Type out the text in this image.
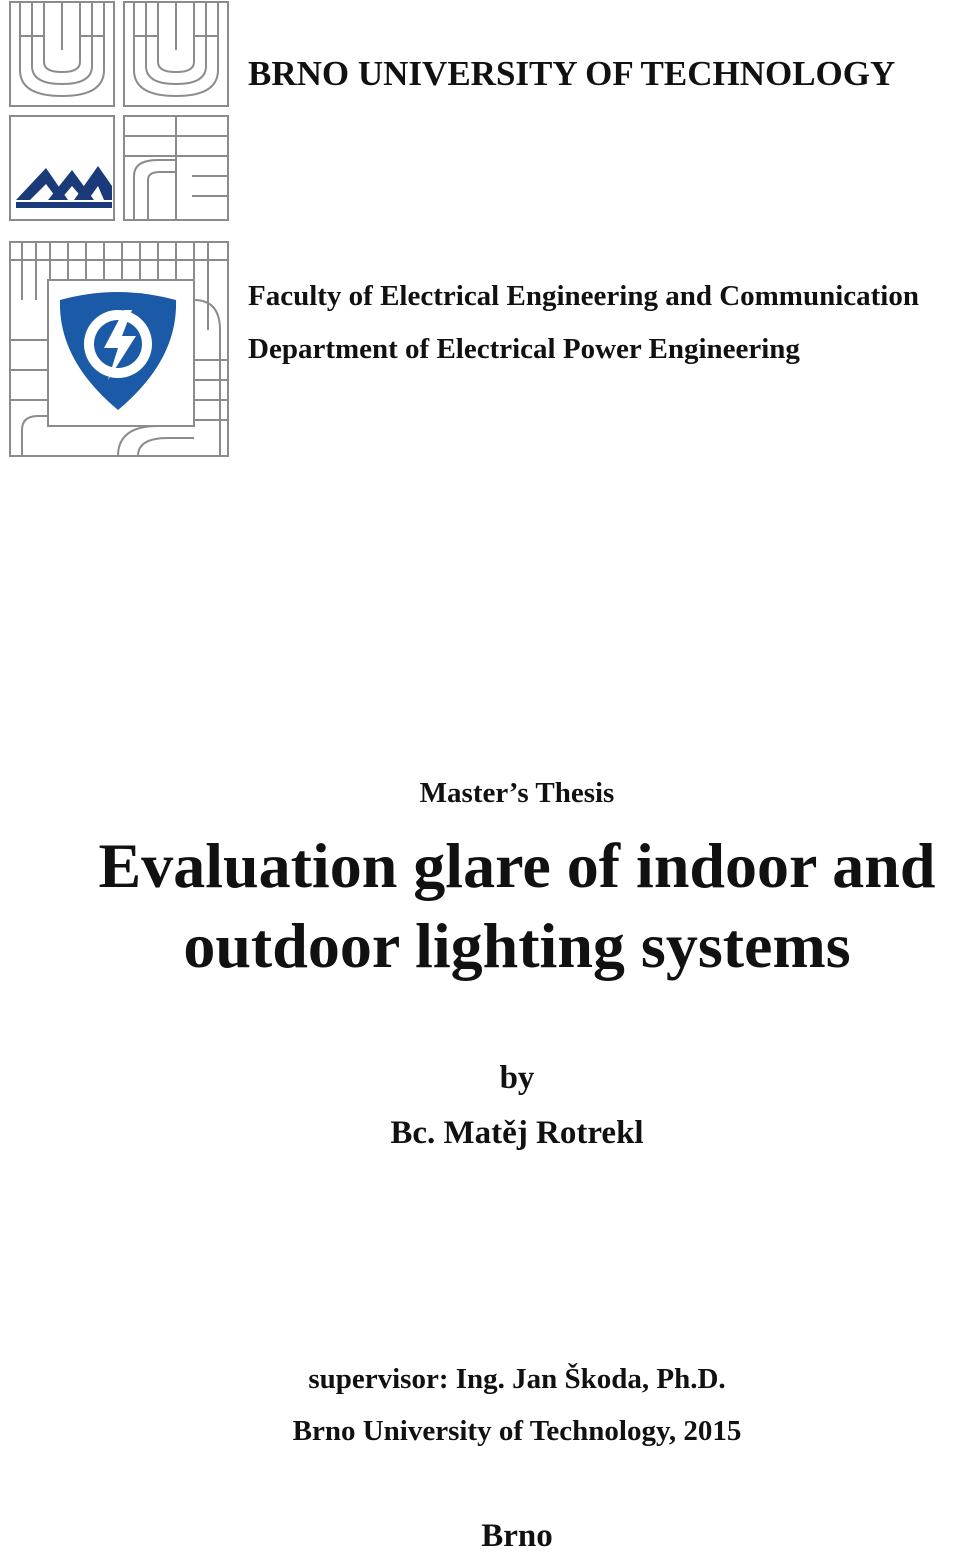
BRNO UNIVERSITY OF TECHNOLOGY

Faculty of Electrical Engineering and Communication

Department of Electrical Power Engineering

Master’s Thesis

Evaluation glare of indoor and
outdoor lighting systems

by

Bc. Matěj Rotrekl

supervisor: Ing. Jan Škoda, Ph.D.

Brno University of Technology, 2015

Brno
